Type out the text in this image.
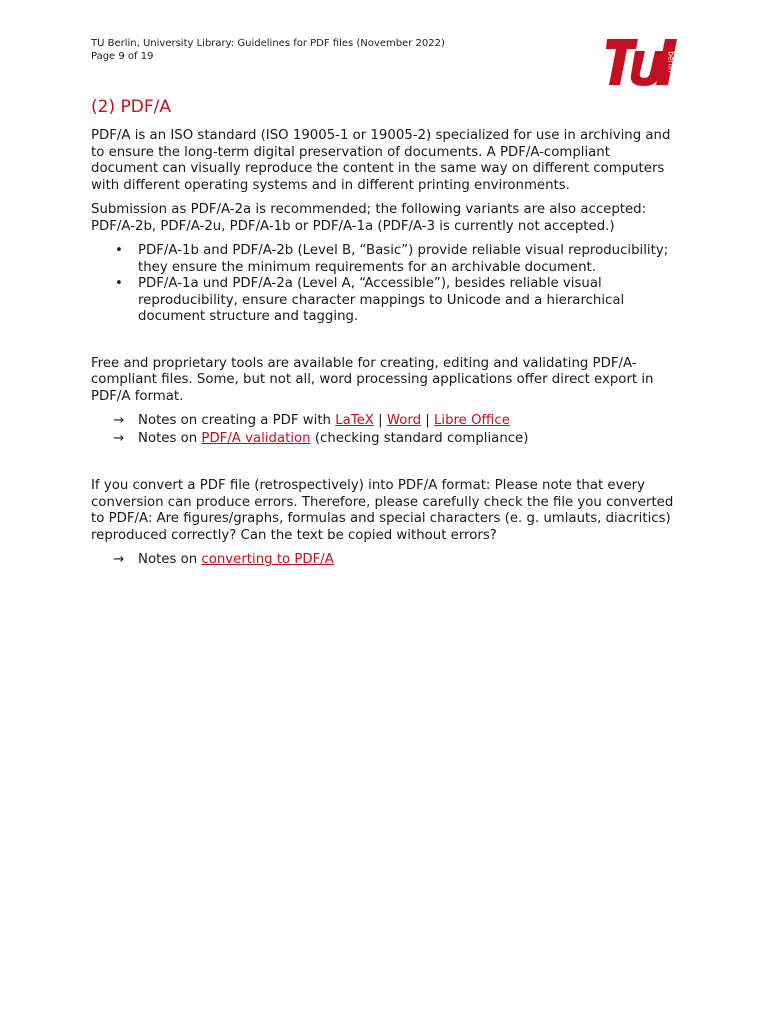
TU Berlin, University Library: Guidelines for PDF files (November 2022)
Page 9 of 19	berlin
(2) PDF/A

PDF/A is an ISO standard (ISO 19005-1 or 19005-2) specialized for use in archiving and to ensure the long-term digital preservation of documents. A PDF/A-compliant document can visually reproduce the content in the same way on different computers with different operating systems and in different printing environments.

Submission as PDF/A-2a is recommended; the following variants are also accepted: PDF/A-2b, PDF/A-2u, PDF/A-1b or PDF/A-1a (PDF/A-3 is currently not accepted.)

• PDF/A-1b and PDF/A-2b (Level B, “Basic”) provide reliable visual reproducibility; they ensure the minimum requirements for an archivable document.
• PDF/A-1a und PDF/A-2a (Level A, “Accessible”), besides reliable visual reproducibility, ensure character mappings to Unicode and a hierarchical document structure and tagging.

Free and proprietary tools are available for creating, editing and validating PDF/A-compliant files. Some, but not all, word processing applications offer direct export in PDF/A format.

→ Notes on creating a PDF with LaTeX | Word | Libre Office
→ Notes on PDF/A validation (checking standard compliance)

If you convert a PDF file (retrospectively) into PDF/A format: Please note that every conversion can produce errors. Therefore, please carefully check the file you converted to PDF/A: Are figures/graphs, formulas and special characters (e. g. umlauts, diacritics) reproduced correctly? Can the text be copied without errors?

→ Notes on converting to PDF/A
